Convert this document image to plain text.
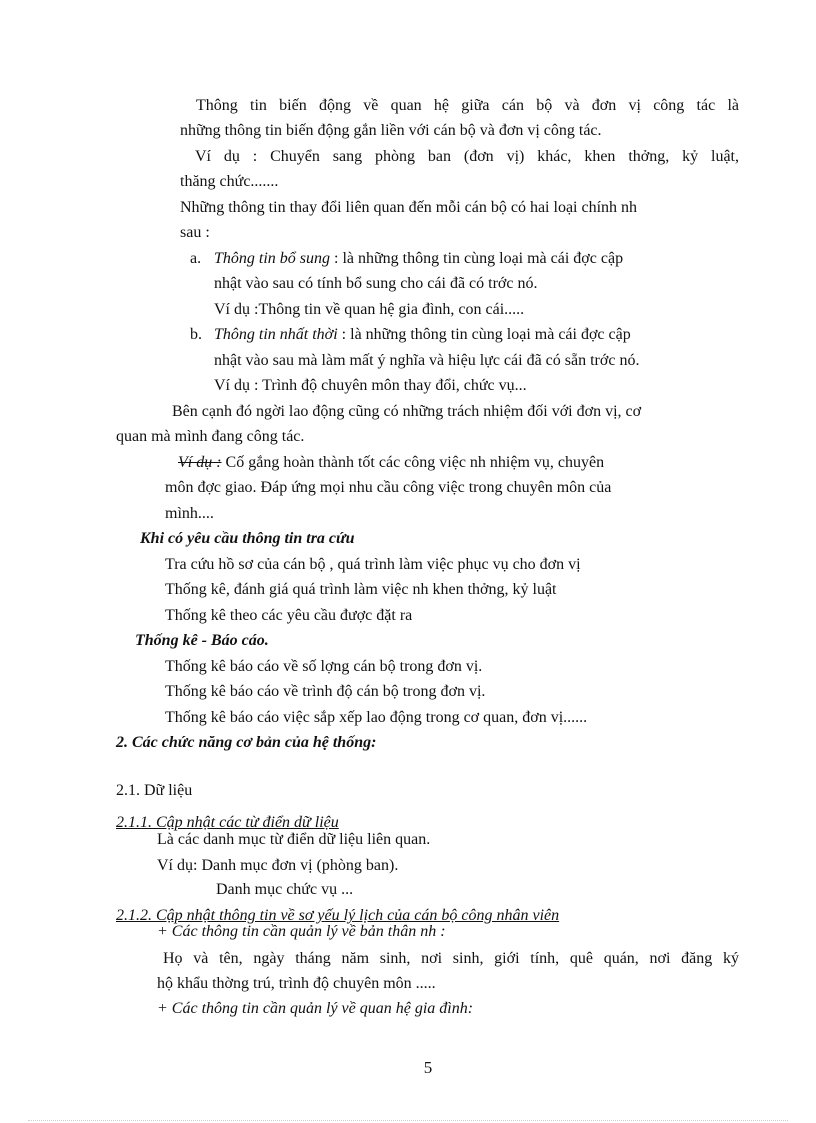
Thông tin biến động về quan hệ giữa cán bộ và đơn vị công tác là
những thông tin biến động gắn liền với cán bộ và đơn vị công tác.
Ví dụ : Chuyển sang phòng ban (đơn vị) khác, khen thởng, kỷ luật,
thăng chức.......
Những thông tin thay đổi liên quan đến mỗi cán bộ có hai loại chính nh
sau :
a. Thông tin bổ sung : là những thông tin cùng loại mà cái đợc cập
nhật vào sau có tính bổ sung cho cái đã có trớc nó.
Ví dụ :Thông tin về quan hệ gia đình, con cái.....
b. Thông tin nhất thời : là những thông tin cùng loại mà cái đợc cập
nhật vào sau mà làm mất ý nghĩa và hiệu lực cái đã có sẵn trớc nó.
Ví dụ : Trình độ chuyên môn thay đổi, chức vụ...
Bên cạnh đó ngời lao động cũng có những trách nhiệm đối với đơn vị, cơ
quan mà mình đang công tác.
Ví dụ : Cố gắng hoàn thành tốt các công việc nh nhiệm vụ, chuyên
môn đợc giao. Đáp ứng mọi nhu cầu công việc trong chuyên môn của
mình....
Khi có yêu cầu thông tin tra cứu
Tra cứu hồ sơ của cán bộ , quá trình làm việc phục vụ cho đơn vị
Thống kê, đánh giá quá trình làm việc nh khen thởng, kỷ luật
Thống kê theo các yêu cầu được đặt ra
Thống kê - Báo cáo.
Thống kê báo cáo về số lợng cán bộ trong đơn vị.
Thống kê báo cáo về trình độ cán bộ trong đơn vị.
Thống kê báo cáo việc sắp xếp lao động trong cơ quan, đơn vị......
2. Các chức năng cơ bản của hệ thống:
2.1. Dữ liệu
2.1.1. Cập nhật các từ điển dữ liệu
Là các danh mục từ điển dữ liệu liên quan.
Ví dụ: Danh mục đơn vị (phòng ban).
Danh mục chức vụ ...
2.1.2. Cập nhật thông tin về sơ yếu lý lịch của cán bộ công nhân viên
+ Các thông tin cần quản lý về bản thân nh :
Họ và tên, ngày tháng năm sinh, nơi sinh, giới tính, quê quán, nơi đăng ký
hộ khẩu thờng trú, trình độ chuyên môn .....
+ Các thông tin cần quản lý về quan hệ gia đình:
5
